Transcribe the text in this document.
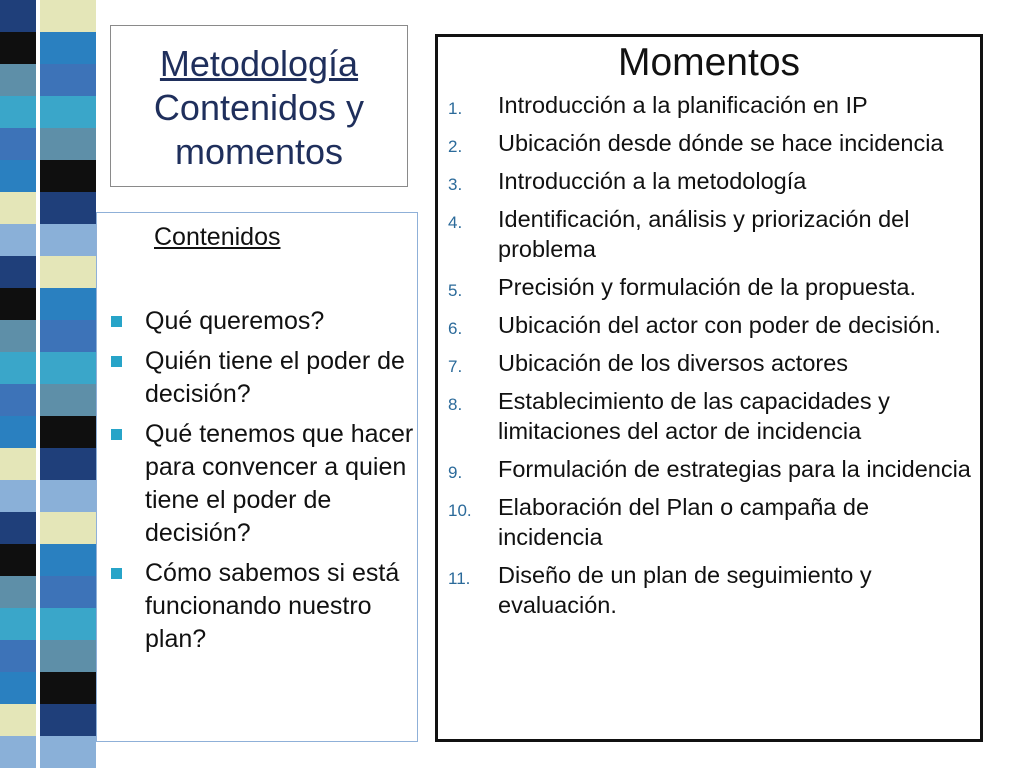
Metodología
Contenidos y
momentos
Contenidos
Qué queremos?
Quién tiene el poder de decisión?
Qué tenemos que hacer para convencer a quien tiene el poder de decisión?
Cómo sabemos si está funcionando nuestro plan?
Momentos
1. Introducción a la planificación en IP
2. Ubicación desde dónde se hace incidencia
3. Introducción a la metodología
4. Identificación, análisis y priorización del problema
5. Precisión y formulación de la propuesta.
6. Ubicación del actor con poder de decisión.
7. Ubicación de los diversos actores
8. Establecimiento de las capacidades y limitaciones del actor de incidencia
9. Formulación de estrategias para la incidencia
10. Elaboración del Plan o campaña de incidencia
11. Diseño de un plan de seguimiento y evaluación.
